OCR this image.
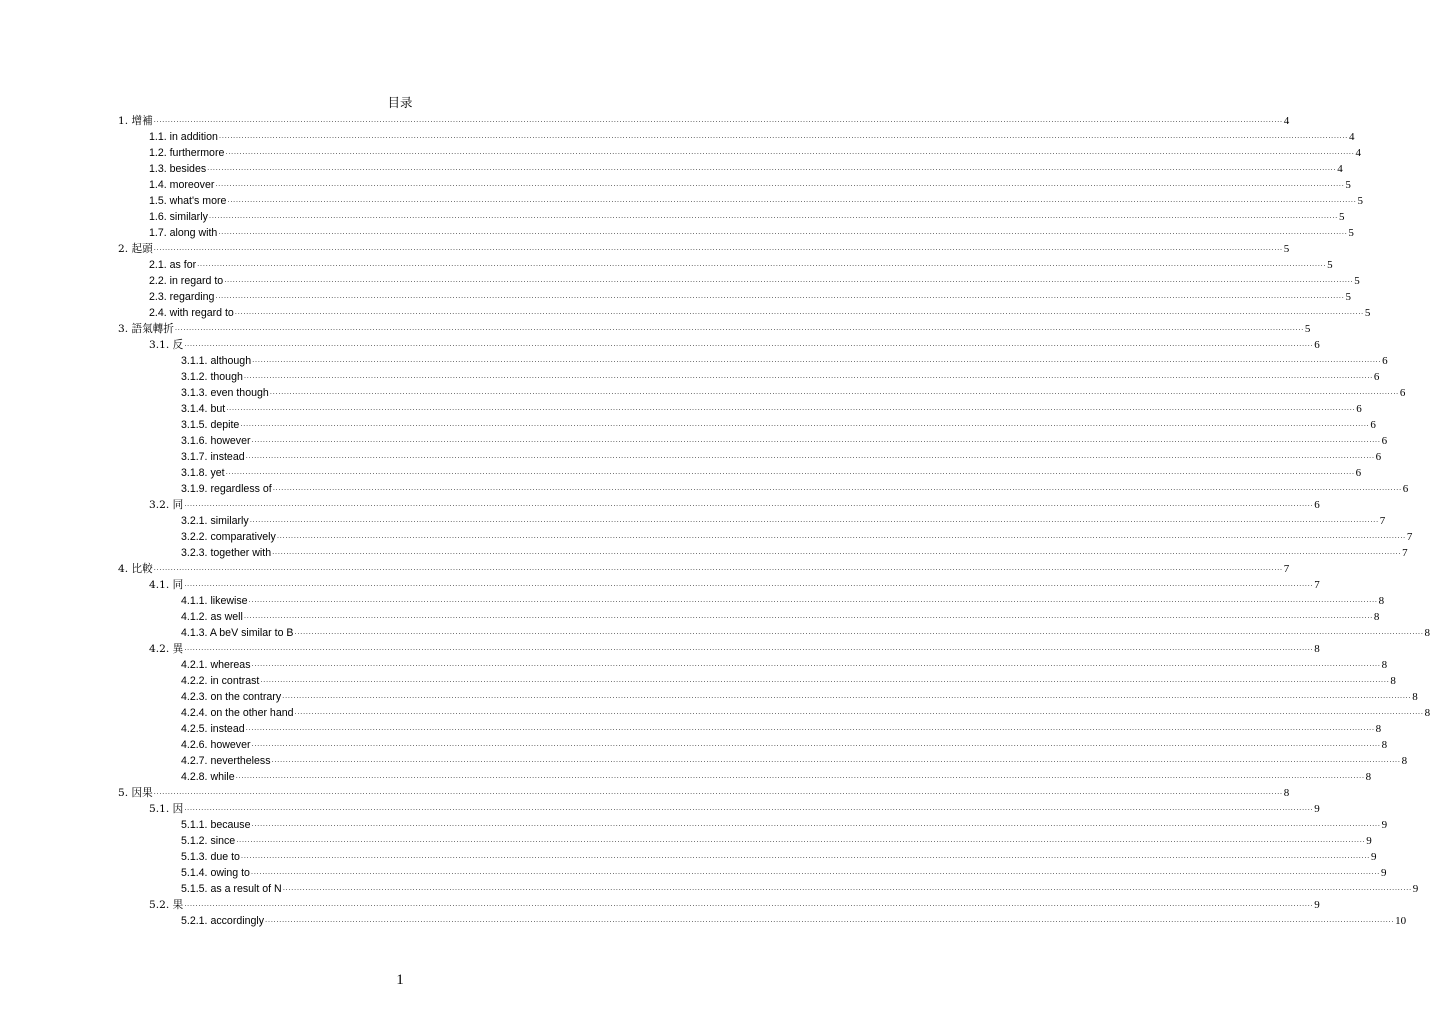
目录
1. 增補 ................................................................................................................................................................................................................................................................................................................................................................................................................ 4
1.1. in addition ................................................................................................................................................................................................................................................................................................................................................................................................................ 4
1.2. furthermore ................................................................................................................................................................................................................................................................................................................................................................................................................ 4
1.3. besides ................................................................................................................................................................................................................................................................................................................................................................................................................ 4
1.4. moreover ................................................................................................................................................................................................................................................................................................................................................................................................................ 5
1.5. what's more ................................................................................................................................................................................................................................................................................................................................................................................................................ 5
1.6. similarly ................................................................................................................................................................................................................................................................................................................................................................................................................ 5
1.7. along with ................................................................................................................................................................................................................................................................................................................................................................................................................ 5
2. 起頭 ................................................................................................................................................................................................................................................................................................................................................................................................................ 5
2.1. as for ................................................................................................................................................................................................................................................................................................................................................................................................................ 5
2.2. in regard to ................................................................................................................................................................................................................................................................................................................................................................................................................ 5
2.3. regarding ................................................................................................................................................................................................................................................................................................................................................................................................................ 5
2.4. with regard to ................................................................................................................................................................................................................................................................................................................................................................................................................ 5
3. 語氣轉折 ................................................................................................................................................................................................................................................................................................................................................................................................................ 5
3.1. 反 ................................................................................................................................................................................................................................................................................................................................................................................................................ 6
3.1.1. although ................................................................................................................................................................................................................................................................................................................................................................................................................ 6
3.1.2. though ................................................................................................................................................................................................................................................................................................................................................................................................................ 6
3.1.3. even though ................................................................................................................................................................................................................................................................................................................................................................................................................ 6
3.1.4. but ................................................................................................................................................................................................................................................................................................................................................................................................................ 6
3.1.5. depite ................................................................................................................................................................................................................................................................................................................................................................................................................ 6
3.1.6. however ................................................................................................................................................................................................................................................................................................................................................................................................................ 6
3.1.7. instead ................................................................................................................................................................................................................................................................................................................................................................................................................ 6
3.1.8. yet ................................................................................................................................................................................................................................................................................................................................................................................................................ 6
3.1.9. regardless of ................................................................................................................................................................................................................................................................................................................................................................................................................ 6
3.2. 同 ................................................................................................................................................................................................................................................................................................................................................................................................................ 6
3.2.1. similarly ................................................................................................................................................................................................................................................................................................................................................................................................................ 7
3.2.2. comparatively ................................................................................................................................................................................................................................................................................................................................................................................................................ 7
3.2.3. together with ................................................................................................................................................................................................................................................................................................................................................................................................................ 7
4. 比較 ................................................................................................................................................................................................................................................................................................................................................................................................................ 7
4.1. 同 ................................................................................................................................................................................................................................................................................................................................................................................................................ 7
4.1.1. likewise ................................................................................................................................................................................................................................................................................................................................................................................................................ 8
4.1.2. as well ................................................................................................................................................................................................................................................................................................................................................................................................................ 8
4.1.3. A beV similar to B ................................................................................................................................................................................................................................................................................................................................................................................................................ 8
4.2. 異 ................................................................................................................................................................................................................................................................................................................................................................................................................ 8
4.2.1. whereas ................................................................................................................................................................................................................................................................................................................................................................................................................ 8
4.2.2. in contrast ................................................................................................................................................................................................................................................................................................................................................................................................................ 8
4.2.3. on the contrary ................................................................................................................................................................................................................................................................................................................................................................................................................ 8
4.2.4. on the other hand ................................................................................................................................................................................................................................................................................................................................................................................................................ 8
4.2.5. instead ................................................................................................................................................................................................................................................................................................................................................................................................................ 8
4.2.6. however ................................................................................................................................................................................................................................................................................................................................................................................................................ 8
4.2.7. nevertheless ................................................................................................................................................................................................................................................................................................................................................................................................................ 8
4.2.8. while ................................................................................................................................................................................................................................................................................................................................................................................................................ 8
5. 因果 ................................................................................................................................................................................................................................................................................................................................................................................................................ 8
5.1. 因 ................................................................................................................................................................................................................................................................................................................................................................................................................ 9
5.1.1. because ................................................................................................................................................................................................................................................................................................................................................................................................................ 9
5.1.2. since ................................................................................................................................................................................................................................................................................................................................................................................................................ 9
5.1.3. due to ................................................................................................................................................................................................................................................................................................................................................................................................................ 9
5.1.4. owing to ................................................................................................................................................................................................................................................................................................................................................................................................................ 9
5.1.5. as a result of N ................................................................................................................................................................................................................................................................................................................................................................................................................ 9
5.2. 果 ................................................................................................................................................................................................................................................................................................................................................................................................................ 9
5.2.1. accordingly ................................................................................................................................................................................................................................................................................................................................................................................................................ 10
1
